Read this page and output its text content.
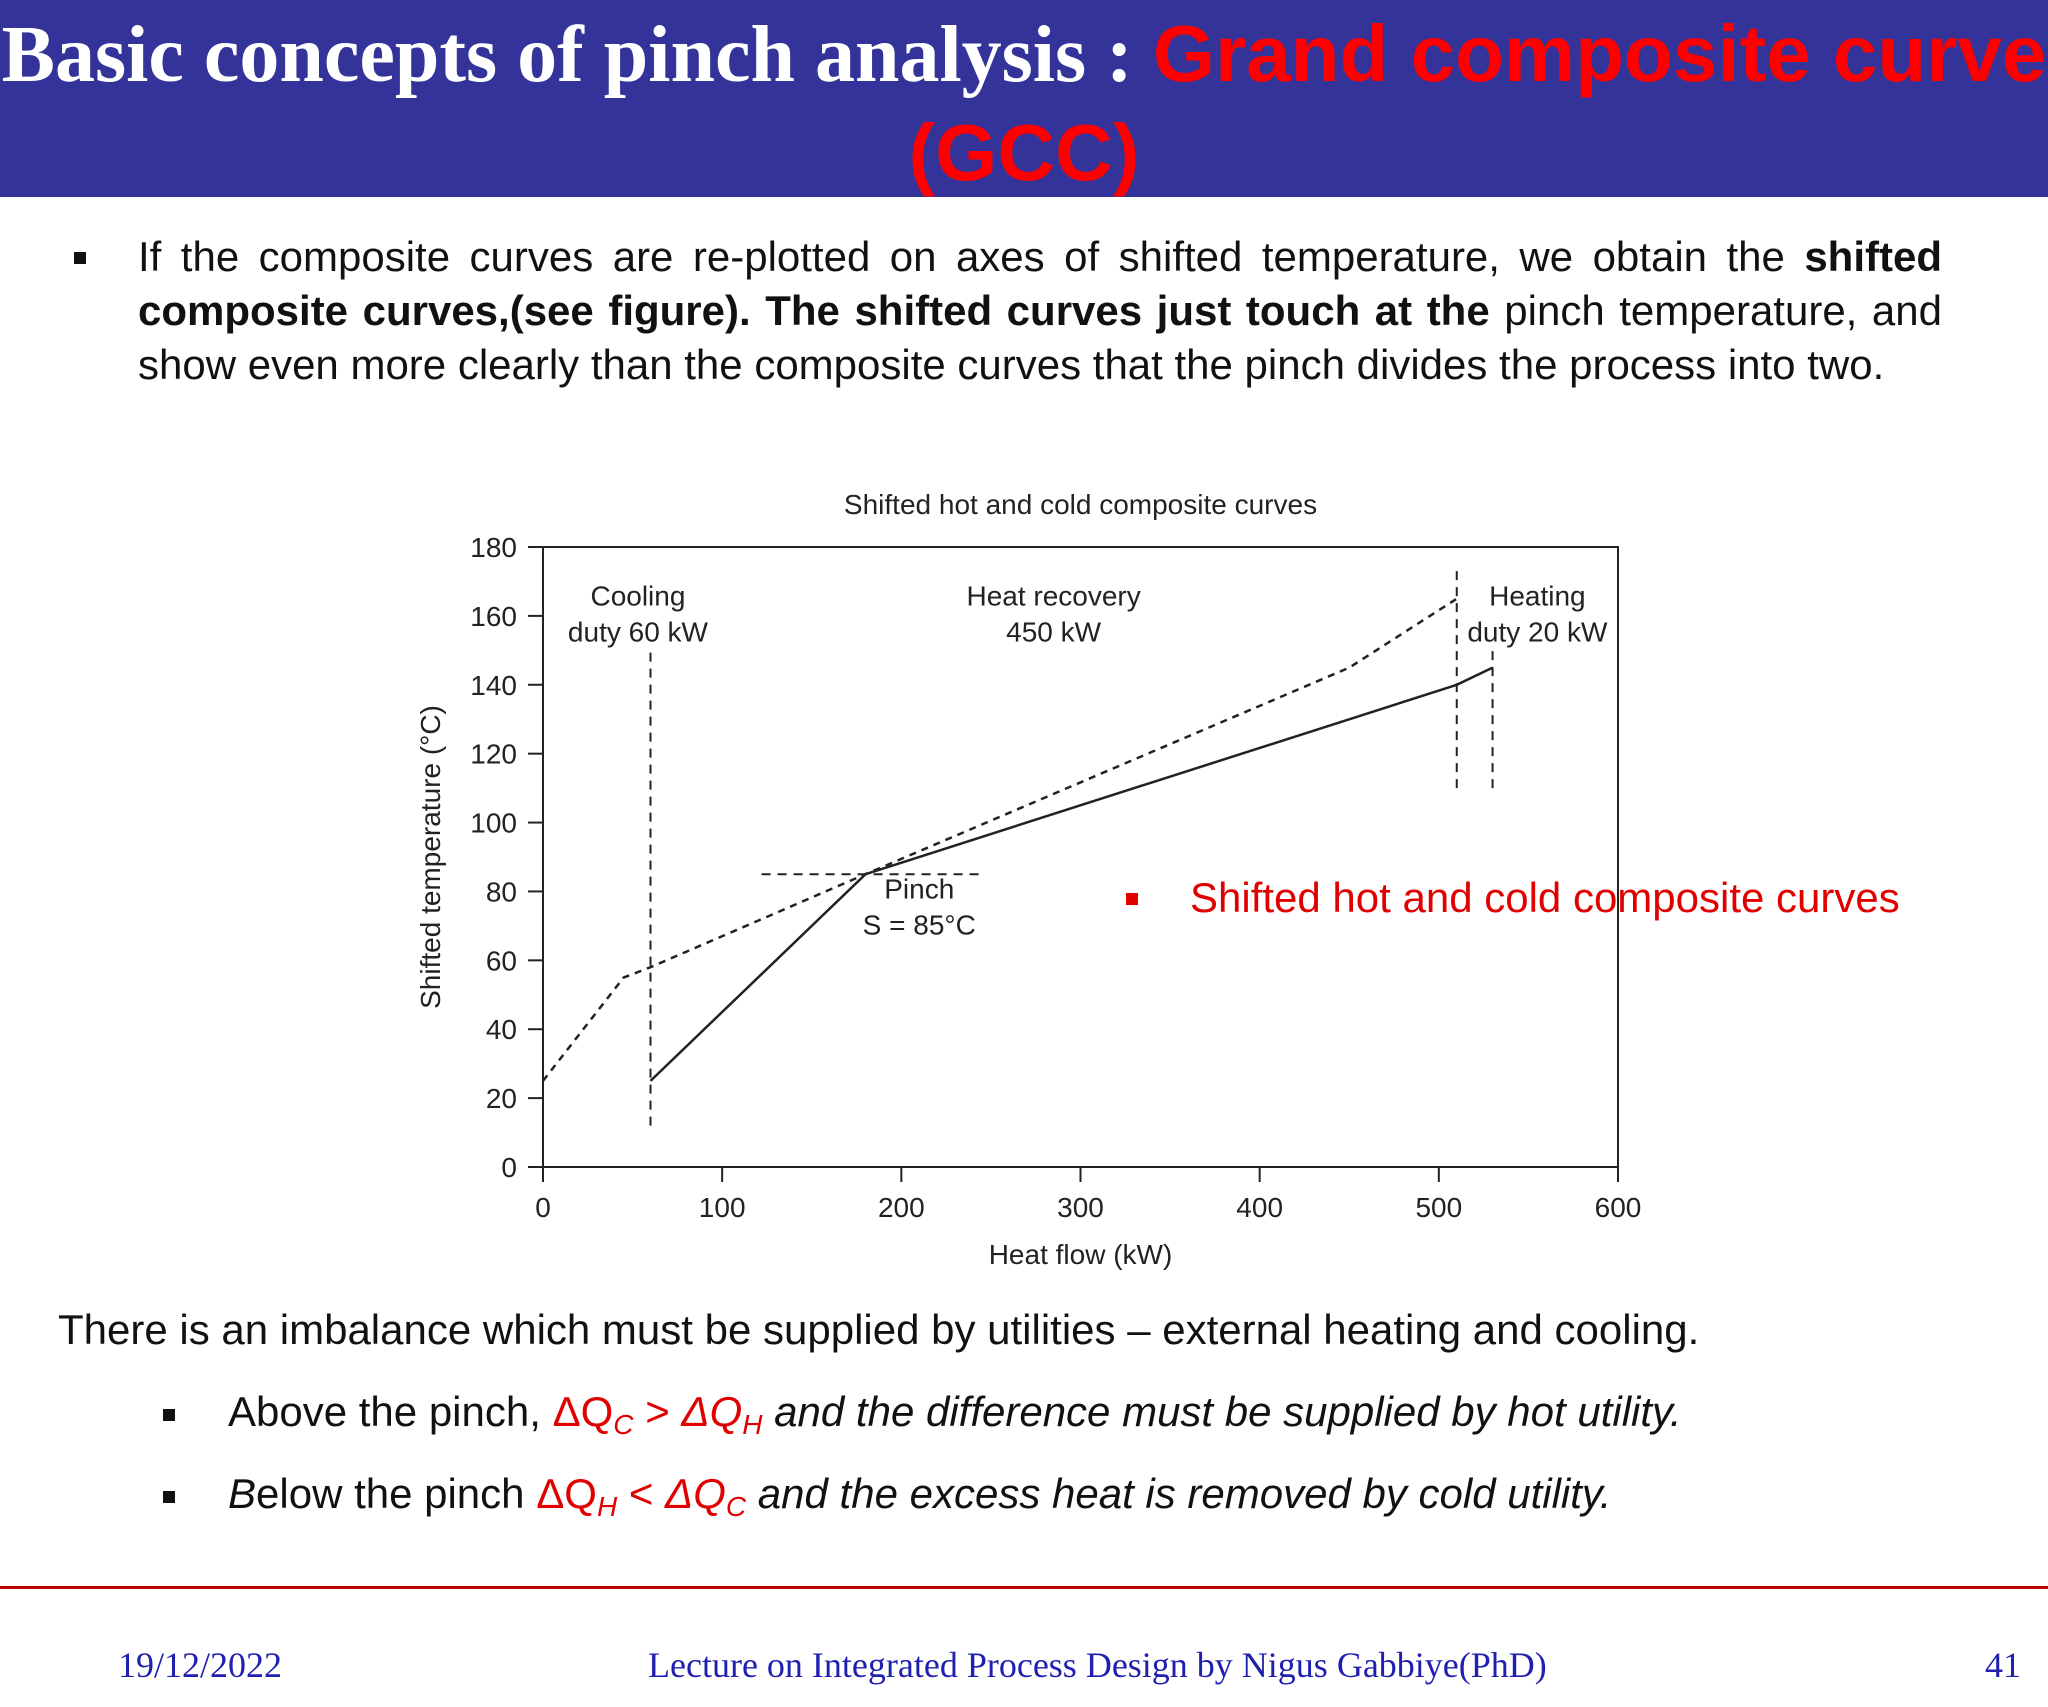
Basic concepts of pinch analysis : Grand composite curve (GCC)
If the composite curves are re-plotted on axes of shifted temperature, we obtain the shifted composite curves,(see figure). The shifted curves just touch at the pinch temperature, and show even more clearly than the composite curves that the pinch divides the process into two.
Shifted hot and cold composite curves
Heat flow (kW)
Shifted temperature (°C)
0
20
40
60
80
100
120
140
160
180
0	100	200	300	400	500	600
Cooling
duty 60 kW
Heat recovery
450 kW
Heating
duty 20 kW
Pinch
S = 85°C
Shifted hot and cold composite curves
There is an imbalance which must be supplied by utilities – external heating and cooling.
Above the pinch, $\Delta Q_C > \Delta Q_H$ and the difference must be supplied by hot utility.
Below the pinch $\Delta Q_H < \Delta Q_C$ and the excess heat is removed by cold utility.
19/12/2022	Lecture on Integrated Process Design by Nigus Gabbiye(PhD)	41
